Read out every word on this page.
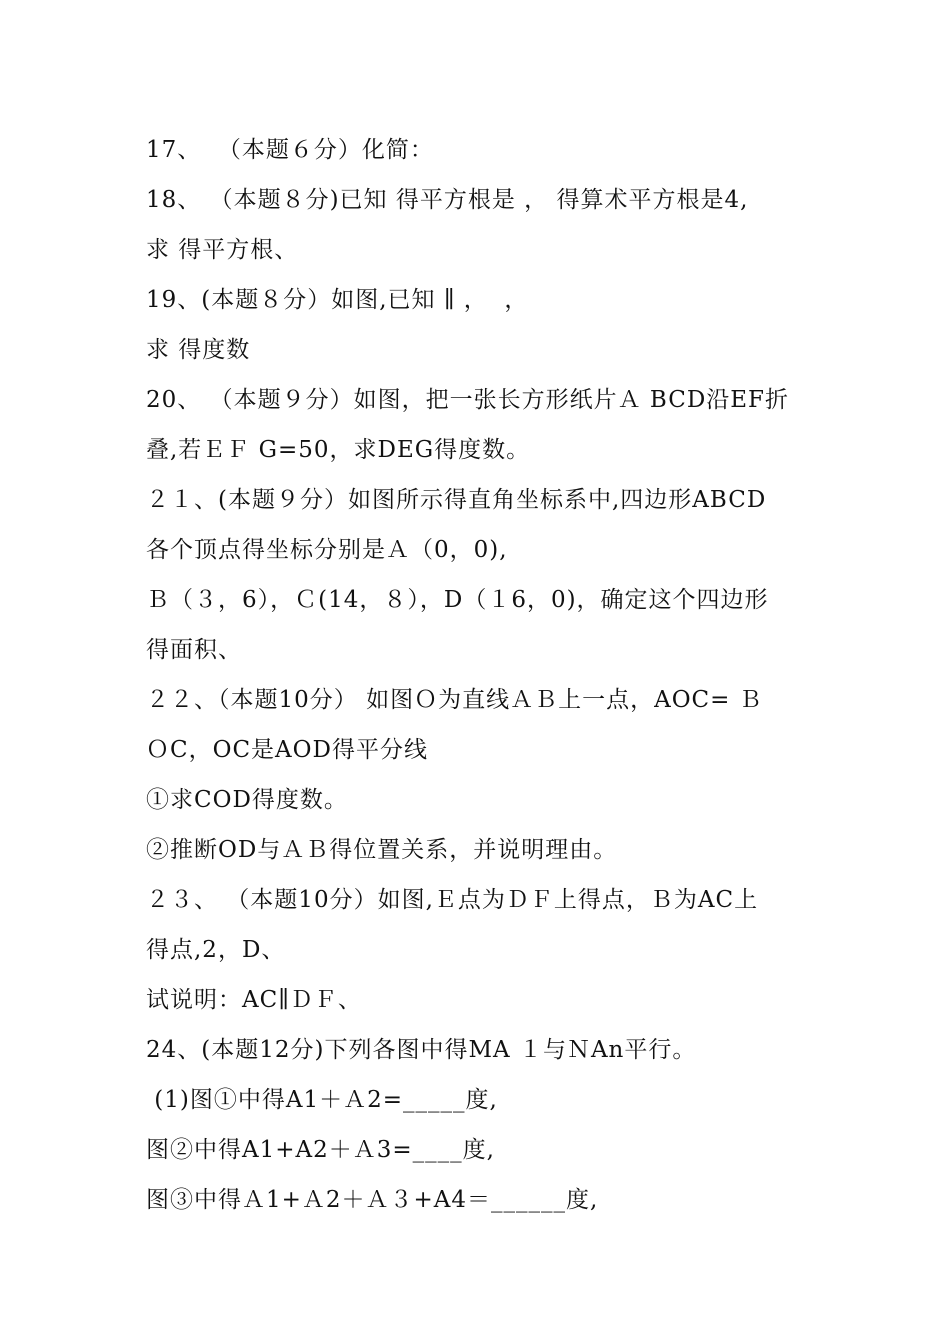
17、  （本题６分）化简：
18、 （本题８分)已知 得平方根是 ， 得算术平方根是4,
求 得平方根、
19、(本题８分）如图,已知 ∥ ，  ，
求 得度数
20、 （本题９分）如图，把一张长方形纸片Ａ BCD沿EF折
叠,若ＥＦ G=50，求DEG得度数。
２１、(本题９分）如图所示得直角坐标系中,四边形ABCD
各个顶点得坐标分别是Ａ（0，0),
Ｂ（３，6），Ｃ(14，８），D（１6，0)，确定这个四边形
得面积、
２２、（本题10分） 如图Ｏ为直线ＡＢ上一点，AOC= Ｂ
ＯC，OC是AOD得平分线
①求COD得度数。
②推断OD与ＡＢ得位置关系，并说明理由。
２３、 （本题10分）如图,Ｅ点为ＤＦ上得点，Ｂ为AC上
得点,2，D、
试说明：AC∥ＤＦ、
24、(本题12分)下列各图中得MA １与ＮAn平行。
(1)图①中得A1＋Ａ2=_____度,
图②中得A1+A2＋Ａ3=____度,
图③中得Ａ1+Ａ2＋Ａ３+A4＝______度,
